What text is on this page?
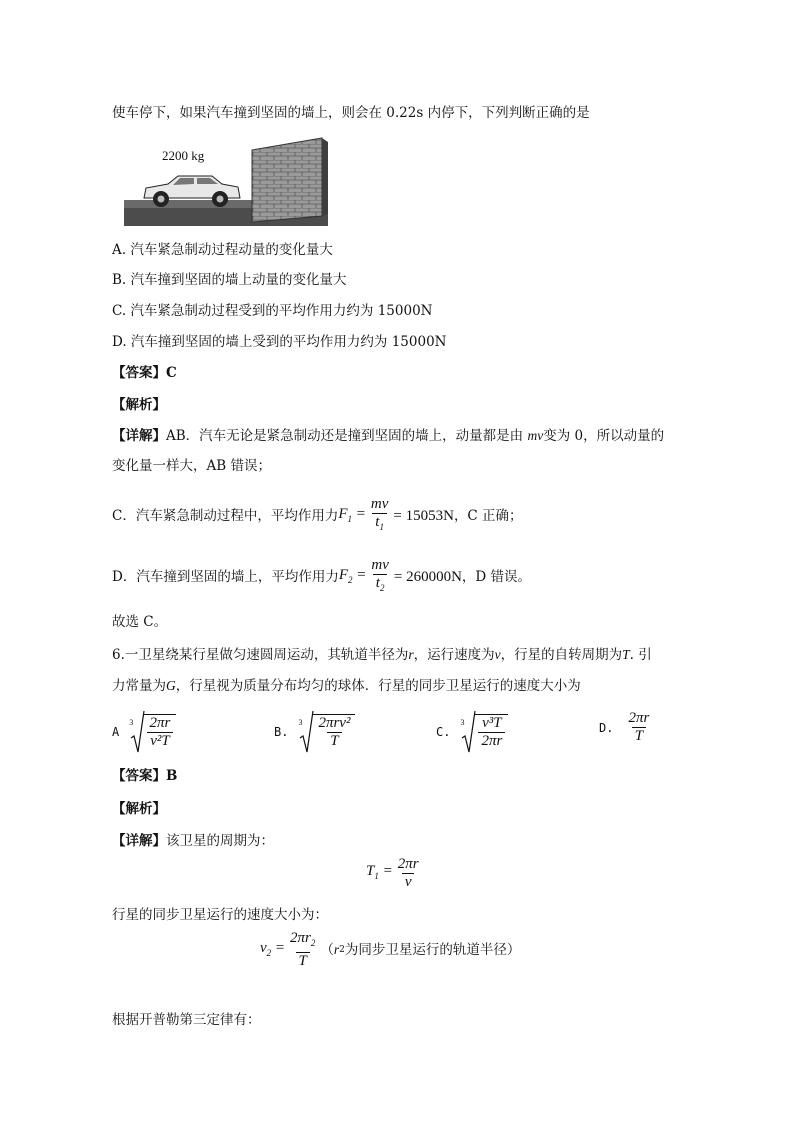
使车停下，如果汽车撞到坚固的墙上，则会在 0.22s 内停下，下列判断正确的是
2200 kg
A. 汽车紧急制动过程动量的变化量大
B. 汽车撞到坚固的墙上动量的变化量大
C. 汽车紧急制动过程受到的平均作用力约为 15000N
D. 汽车撞到坚固的墙上受到的平均作用力约为 15000N
【答案】C
【解析】
【详解】AB．汽车无论是紧急制动还是撞到坚固的墙上，动量都是由 mv变为 0，所以动量的
变化量一样大，AB 错误；
C．汽车紧急制动过程中，平均作用力 $F_1 = \frac{mv}{t_1} = 15053N$ ，C 正确；
D．汽车撞到坚固的墙上，平均作用力 $F_2 = \frac{mv}{t_2} = 260000N$ ，D 错误。
故选 C。
6.一卫星绕某行星做匀速圆周运动，其轨道半径为r，运行速度为v，行星的自转周期为T. 引
力常量为G，行星视为质量分布均匀的球体．行星的同步卫星运行的速度大小为
A
$3 \frac{2\pi r}{\text{v²T}}$	B.
$3 \frac{\text{2πrv²}}{T}$	C.
$3 \frac{\text{v³T}}{2\pi r}$	D. $\frac{2\pi r}{T}$
【答案】B
【解析】
【详解】该卫星的周期为：
$T_1 = \frac{2\pi r}{v}$
行星的同步卫星运行的速度大小为：
$v_2 = \frac{2\pi r_2}{T}$ （ r 2 为同步卫星运行的轨道半径）
根据开普勒第三定律有：
